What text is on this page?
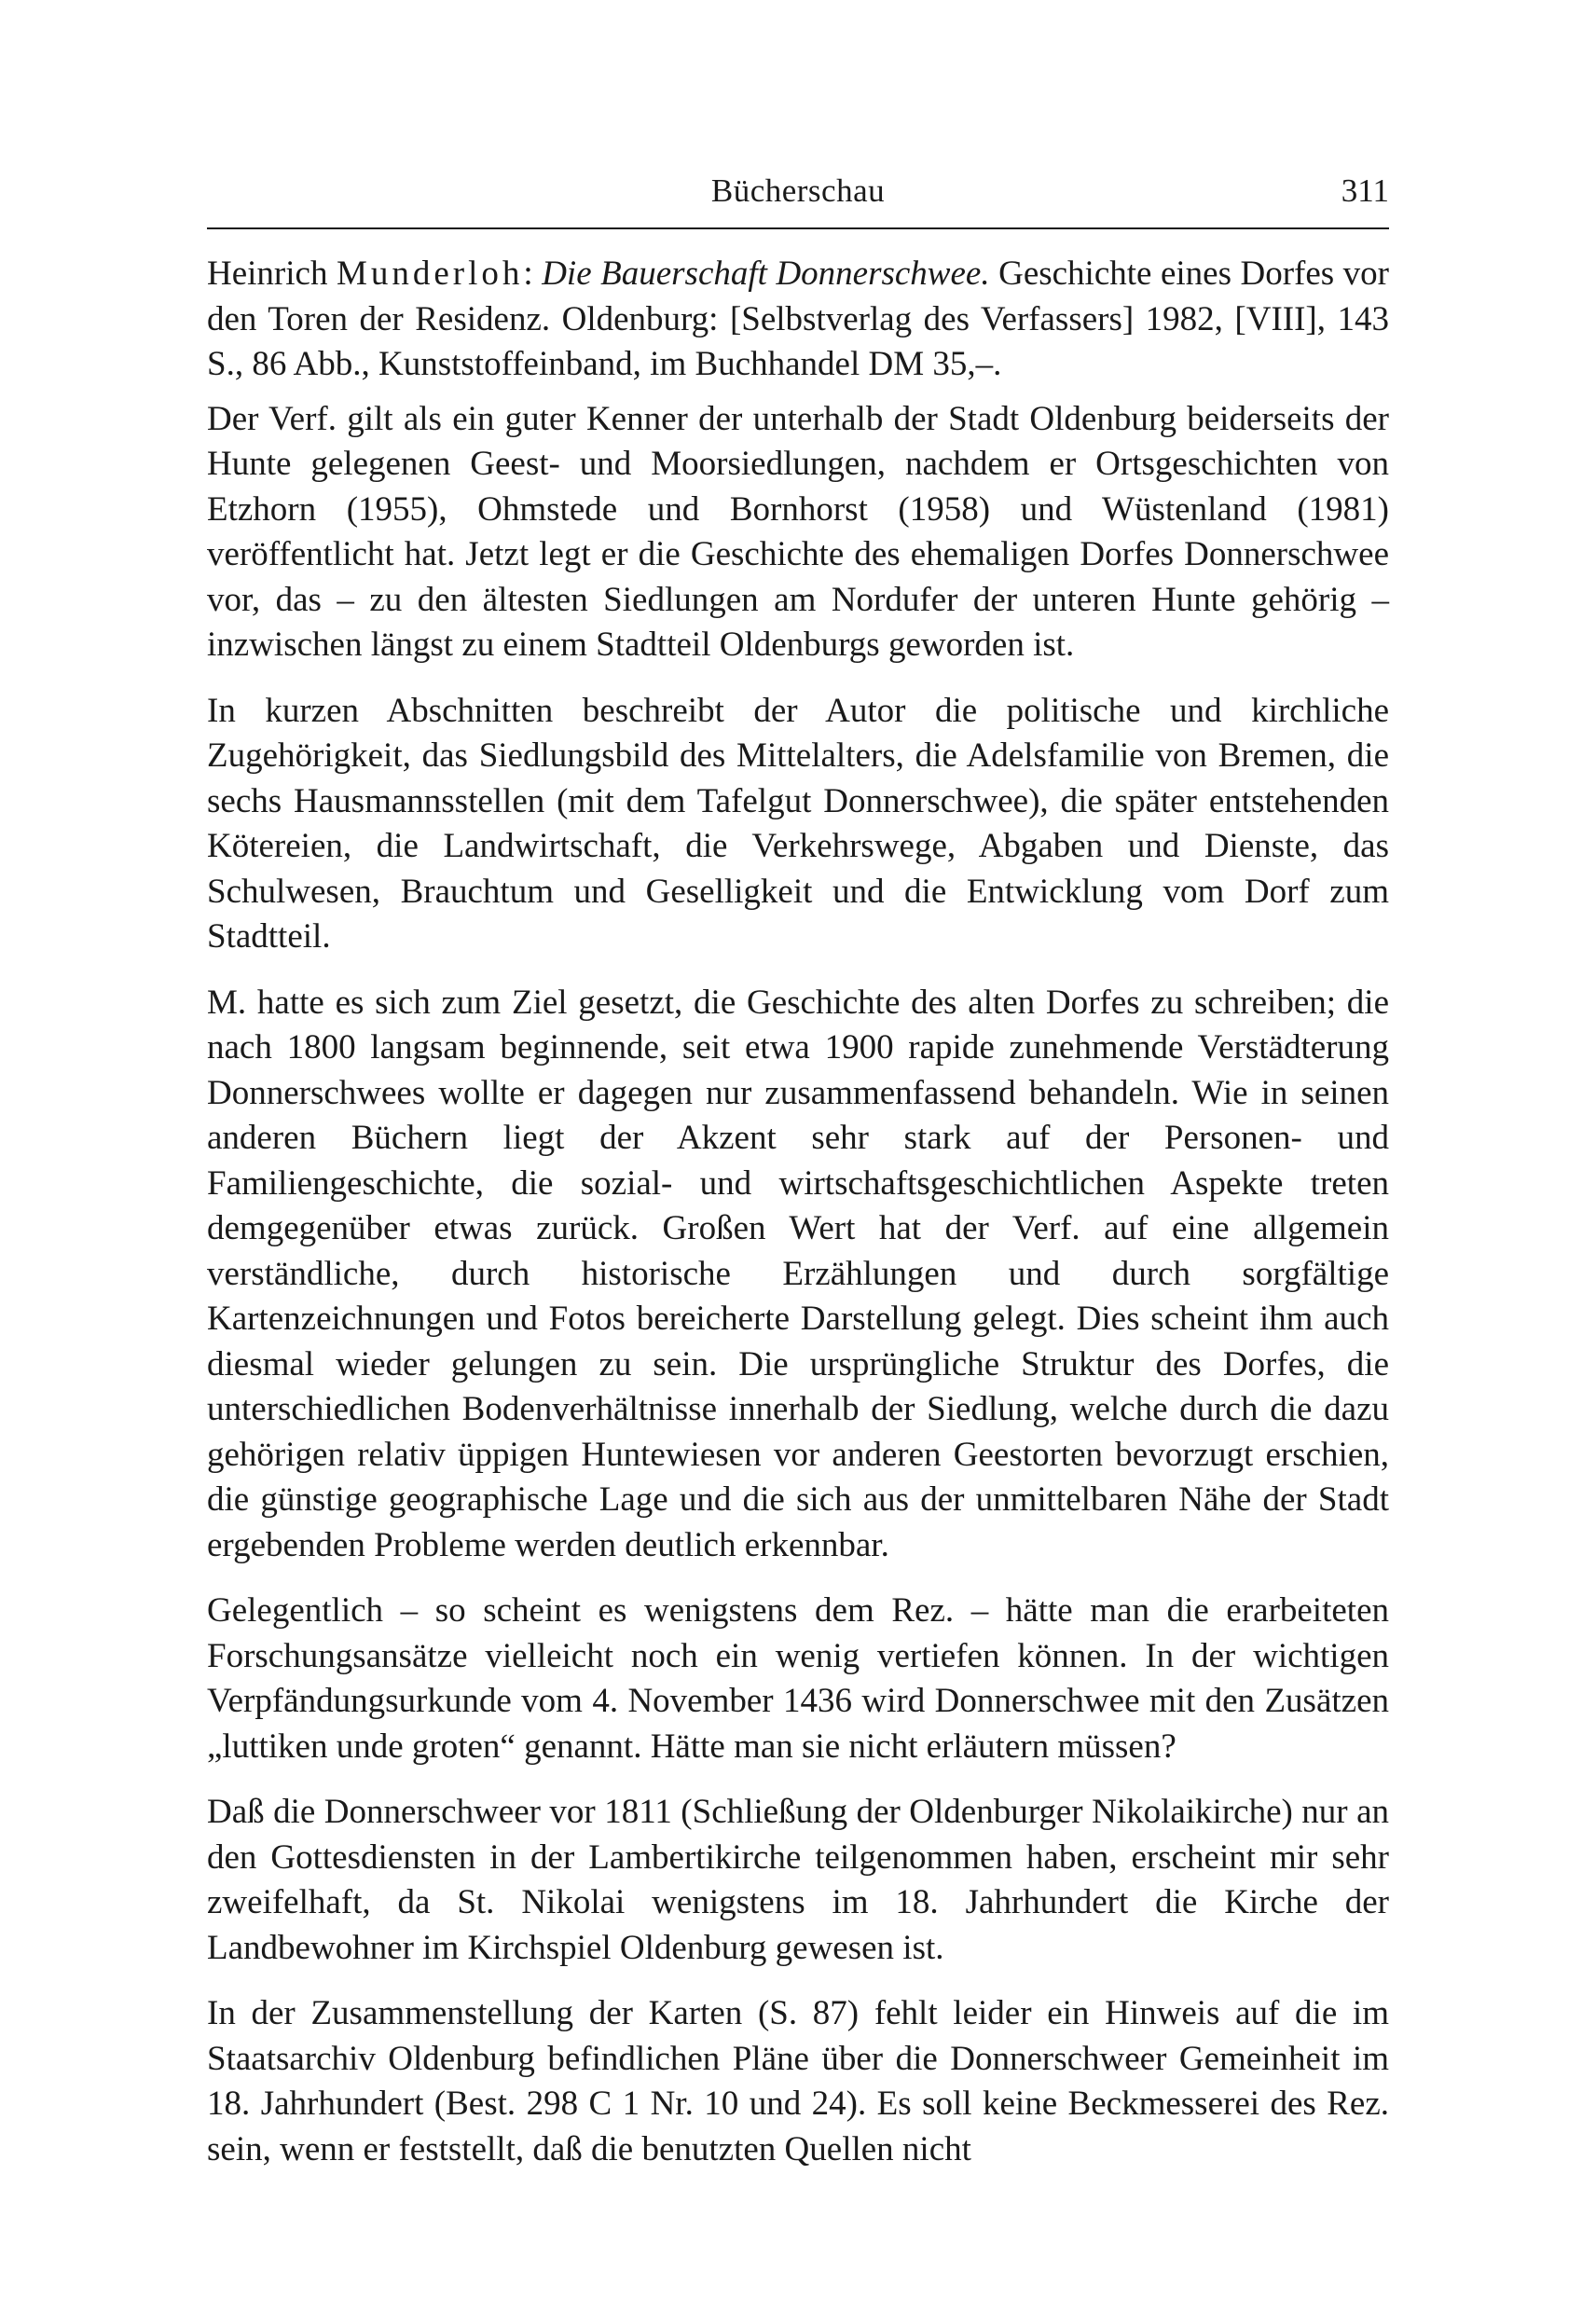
Bücherschau	311

Heinrich Munderloh: Die Bauerschaft Donnerschwee. Geschichte eines Dorfes vor den Toren der Residenz. Oldenburg: [Selbstverlag des Verfassers] 1982, [VIII], 143 S., 86 Abb., Kunststoffeinband, im Buchhandel DM 35,–.

Der Verf. gilt als ein guter Kenner der unterhalb der Stadt Oldenburg beiderseits der Hunte gelegenen Geest- und Moorsiedlungen, nachdem er Ortsgeschichten von Etzhorn (1955), Ohmstede und Bornhorst (1958) und Wüstenland (1981) veröffentlicht hat. Jetzt legt er die Geschichte des ehemaligen Dorfes Donnerschwee vor, das – zu den ältesten Siedlungen am Nordufer der unteren Hunte gehörig – inzwischen längst zu einem Stadtteil Oldenburgs geworden ist.

In kurzen Abschnitten beschreibt der Autor die politische und kirchliche Zugehörigkeit, das Siedlungsbild des Mittelalters, die Adelsfamilie von Bremen, die sechs Hausmannsstellen (mit dem Tafelgut Donnerschwee), die später entstehenden Kötereien, die Landwirtschaft, die Verkehrswege, Abgaben und Dienste, das Schulwesen, Brauchtum und Geselligkeit und die Entwicklung vom Dorf zum Stadtteil.

M. hatte es sich zum Ziel gesetzt, die Geschichte des alten Dorfes zu schreiben; die nach 1800 langsam beginnende, seit etwa 1900 rapide zunehmende Verstädterung Donnerschwees wollte er dagegen nur zusammenfassend behandeln. Wie in seinen anderen Büchern liegt der Akzent sehr stark auf der Personen- und Familiengeschichte, die sozial- und wirtschaftsgeschichtlichen Aspekte treten demgegenüber etwas zurück. Großen Wert hat der Verf. auf eine allgemein verständliche, durch historische Erzählungen und durch sorgfältige Kartenzeichnungen und Fotos bereicherte Darstellung gelegt. Dies scheint ihm auch diesmal wieder gelungen zu sein. Die ursprüngliche Struktur des Dorfes, die unterschiedlichen Bodenverhältnisse innerhalb der Siedlung, welche durch die dazu gehörigen relativ üppigen Huntewiesen vor anderen Geestorten bevorzugt erschien, die günstige geographische Lage und die sich aus der unmittelbaren Nähe der Stadt ergebenden Probleme werden deutlich erkennbar.

Gelegentlich – so scheint es wenigstens dem Rez. – hätte man die erarbeiteten Forschungsansätze vielleicht noch ein wenig vertiefen können. In der wichtigen Verpfändungsurkunde vom 4. November 1436 wird Donnerschwee mit den Zusätzen „luttiken unde groten“ genannt. Hätte man sie nicht erläutern müssen?

Daß die Donnerschweer vor 1811 (Schließung der Oldenburger Nikolaikirche) nur an den Gottesdiensten in der Lambertikirche teilgenommen haben, erscheint mir sehr zweifelhaft, da St. Nikolai wenigstens im 18. Jahrhundert die Kirche der Landbewohner im Kirchspiel Oldenburg gewesen ist.

In der Zusammenstellung der Karten (S. 87) fehlt leider ein Hinweis auf die im Staatsarchiv Oldenburg befindlichen Pläne über die Donnerschweer Gemeinheit im 18. Jahrhundert (Best. 298 C 1 Nr. 10 und 24). Es soll keine Beckmesserei des Rez. sein, wenn er feststellt, daß die benutzten Quellen nicht
